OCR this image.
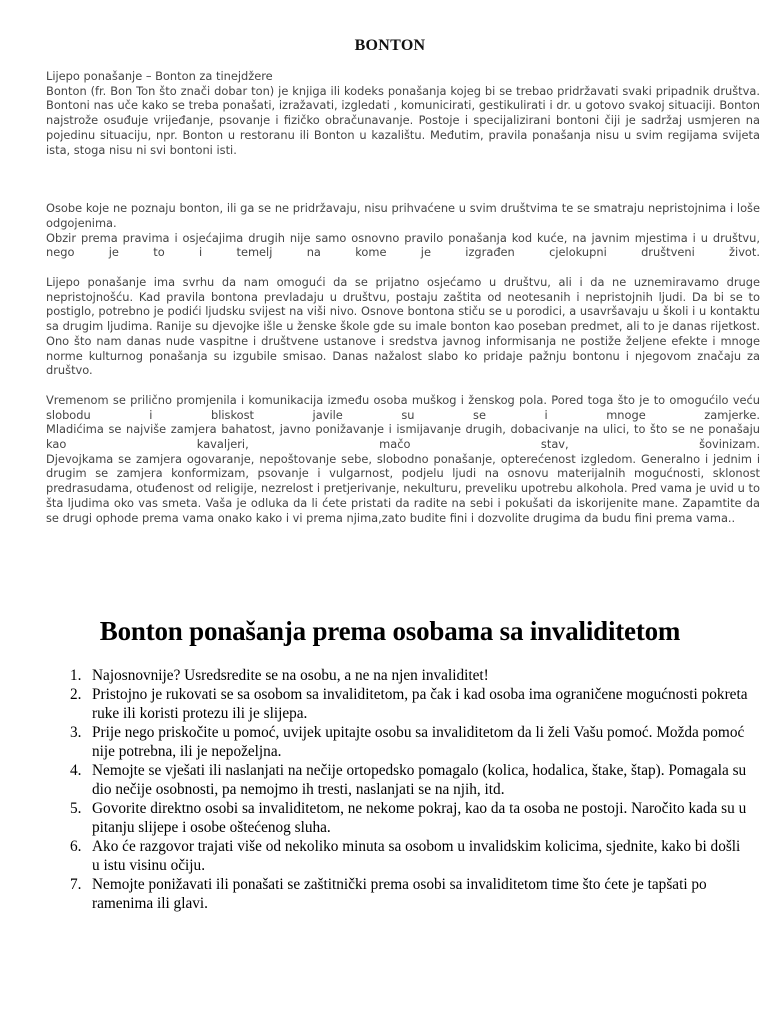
BONTON

Lijepo ponašanje – Bonton za tinejdžere

Bonton (fr. Bon Ton što znači dobar ton) je knjiga ili kodeks ponašanja kojeg bi se trebao pridržavati svaki pripadnik društva. Bontoni nas uče kako se treba ponašati, izražavati, izgledati , komunicirati, gestikulirati i dr. u gotovo svakoj situaciji. Bonton najstrože osuđuje vrijeđanje, psovanje i fizičko obračunavanje. Postoje i specijalizirani bontoni čiji je sadržaj usmjeren na pojedinu situaciju, npr. Bonton u restoranu ili Bonton u kazalištu. Međutim, pravila ponašanja nisu u svim regijama svijeta ista, stoga nisu ni svi bontoni isti.

Osobe koje ne poznaju bonton, ili ga se ne pridržavaju, nisu prihvaćene u svim društvima te se smatraju nepristojnima i loše odgojenima.

Obzir prema pravima i osjećajima drugih nije samo osnovno pravilo ponašanja kod kuće, na javnim mjestima i u društvu, nego je to i temelj na kome je izgrađen cjelokupni društveni život.

Lijepo ponašanje ima svrhu da nam omogući da se prijatno osjećamo u društvu, ali i da ne uznemiravamo druge nepristojnošću. Kad pravila bontona prevladaju u društvu, postaju zaštita od neotesanih i nepristojnih ljudi. Da bi se to postiglo, potrebno je podići ljudsku svijest na viši nivo. Osnove bontona stiču se u porodici, a usavršavaju u školi i u kontaktu sa drugim ljudima. Ranije su djevojke išle u ženske škole gde su imale bonton kao poseban predmet, ali to je danas rijetkost. Ono što nam danas nude vaspitne i društvene ustanove i sredstva javnog informisanja ne postiže željene efekte i mnoge norme kulturnog ponašanja su izgubile smisao. Danas nažalost slabo ko pridaje pažnju bontonu i njegovom značaju za društvo.

Vremenom se prilično promjenila i komunikacija između osoba muškog i ženskog pola. Pored toga što je to omogućilo veću slobodu i bliskost javile su se i mnoge zamjerke.

Mladićima se najviše zamjera bahatost, javno ponižavanje i ismijavanje drugih, dobacivanje na ulici, to što se ne ponašaju kao kavaljeri, mačo stav, šovinizam.

Djevojkama se zamjera ogovaranje, nepoštovanje sebe, slobodno ponašanje, opterećenost izgledom. Generalno i jednim i drugim se zamjera konformizam, psovanje i vulgarnost, podjelu ljudi na osnovu materijalnih mogućnosti, sklonost predrasudama, otuđenost od religije, nezrelost i pretjerivanje, nekulturu, preveliku upotrebu alkohola. Pred vama je uvid u to šta ljudima oko vas smeta. Vaša je odluka da li ćete pristati da radite na sebi i pokušati da iskorijenite mane. Zapamtite da se drugi ophode prema vama onako kako i vi prema njima,zato budite fini i dozvolite drugima da budu fini prema vama..

Bonton ponašanja prema osobama sa invaliditetom
1. Najosnovnije? Usredsredite se na osobu, a ne na njen invaliditet!
2. Pristojno je rukovati se sa osobom sa invaliditetom, pa čak i kad osoba ima ograničene mogućnosti pokreta ruke ili koristi protezu ili je slijepa.
3. Prije nego priskočite u pomoć, uvijek upitajte osobu sa invaliditetom da li želi Vašu pomoć. Možda pomoć nije potrebna, ili je nepoželjna.
4. Nemojte se vješati ili naslanjati na nečije ortopedsko pomagalo (kolica, hodalica, štake, štap). Pomagala su dio nečije osobnosti, pa nemojmo ih tresti, naslanjati se na njih, itd.
5. Govorite direktno osobi sa invaliditetom, ne nekome pokraj, kao da ta osoba ne postoji. Naročito kada su u pitanju slijepe i osobe oštećenog sluha.
6. Ako će razgovor trajati više od nekoliko minuta sa osobom u invalidskim kolicima, sjednite, kako bi došli u istu visinu očiju.
7. Nemojte ponižavati ili ponašati se zaštitnički prema osobi sa invaliditetom time što ćete je tapšati po ramenima ili glavi.
